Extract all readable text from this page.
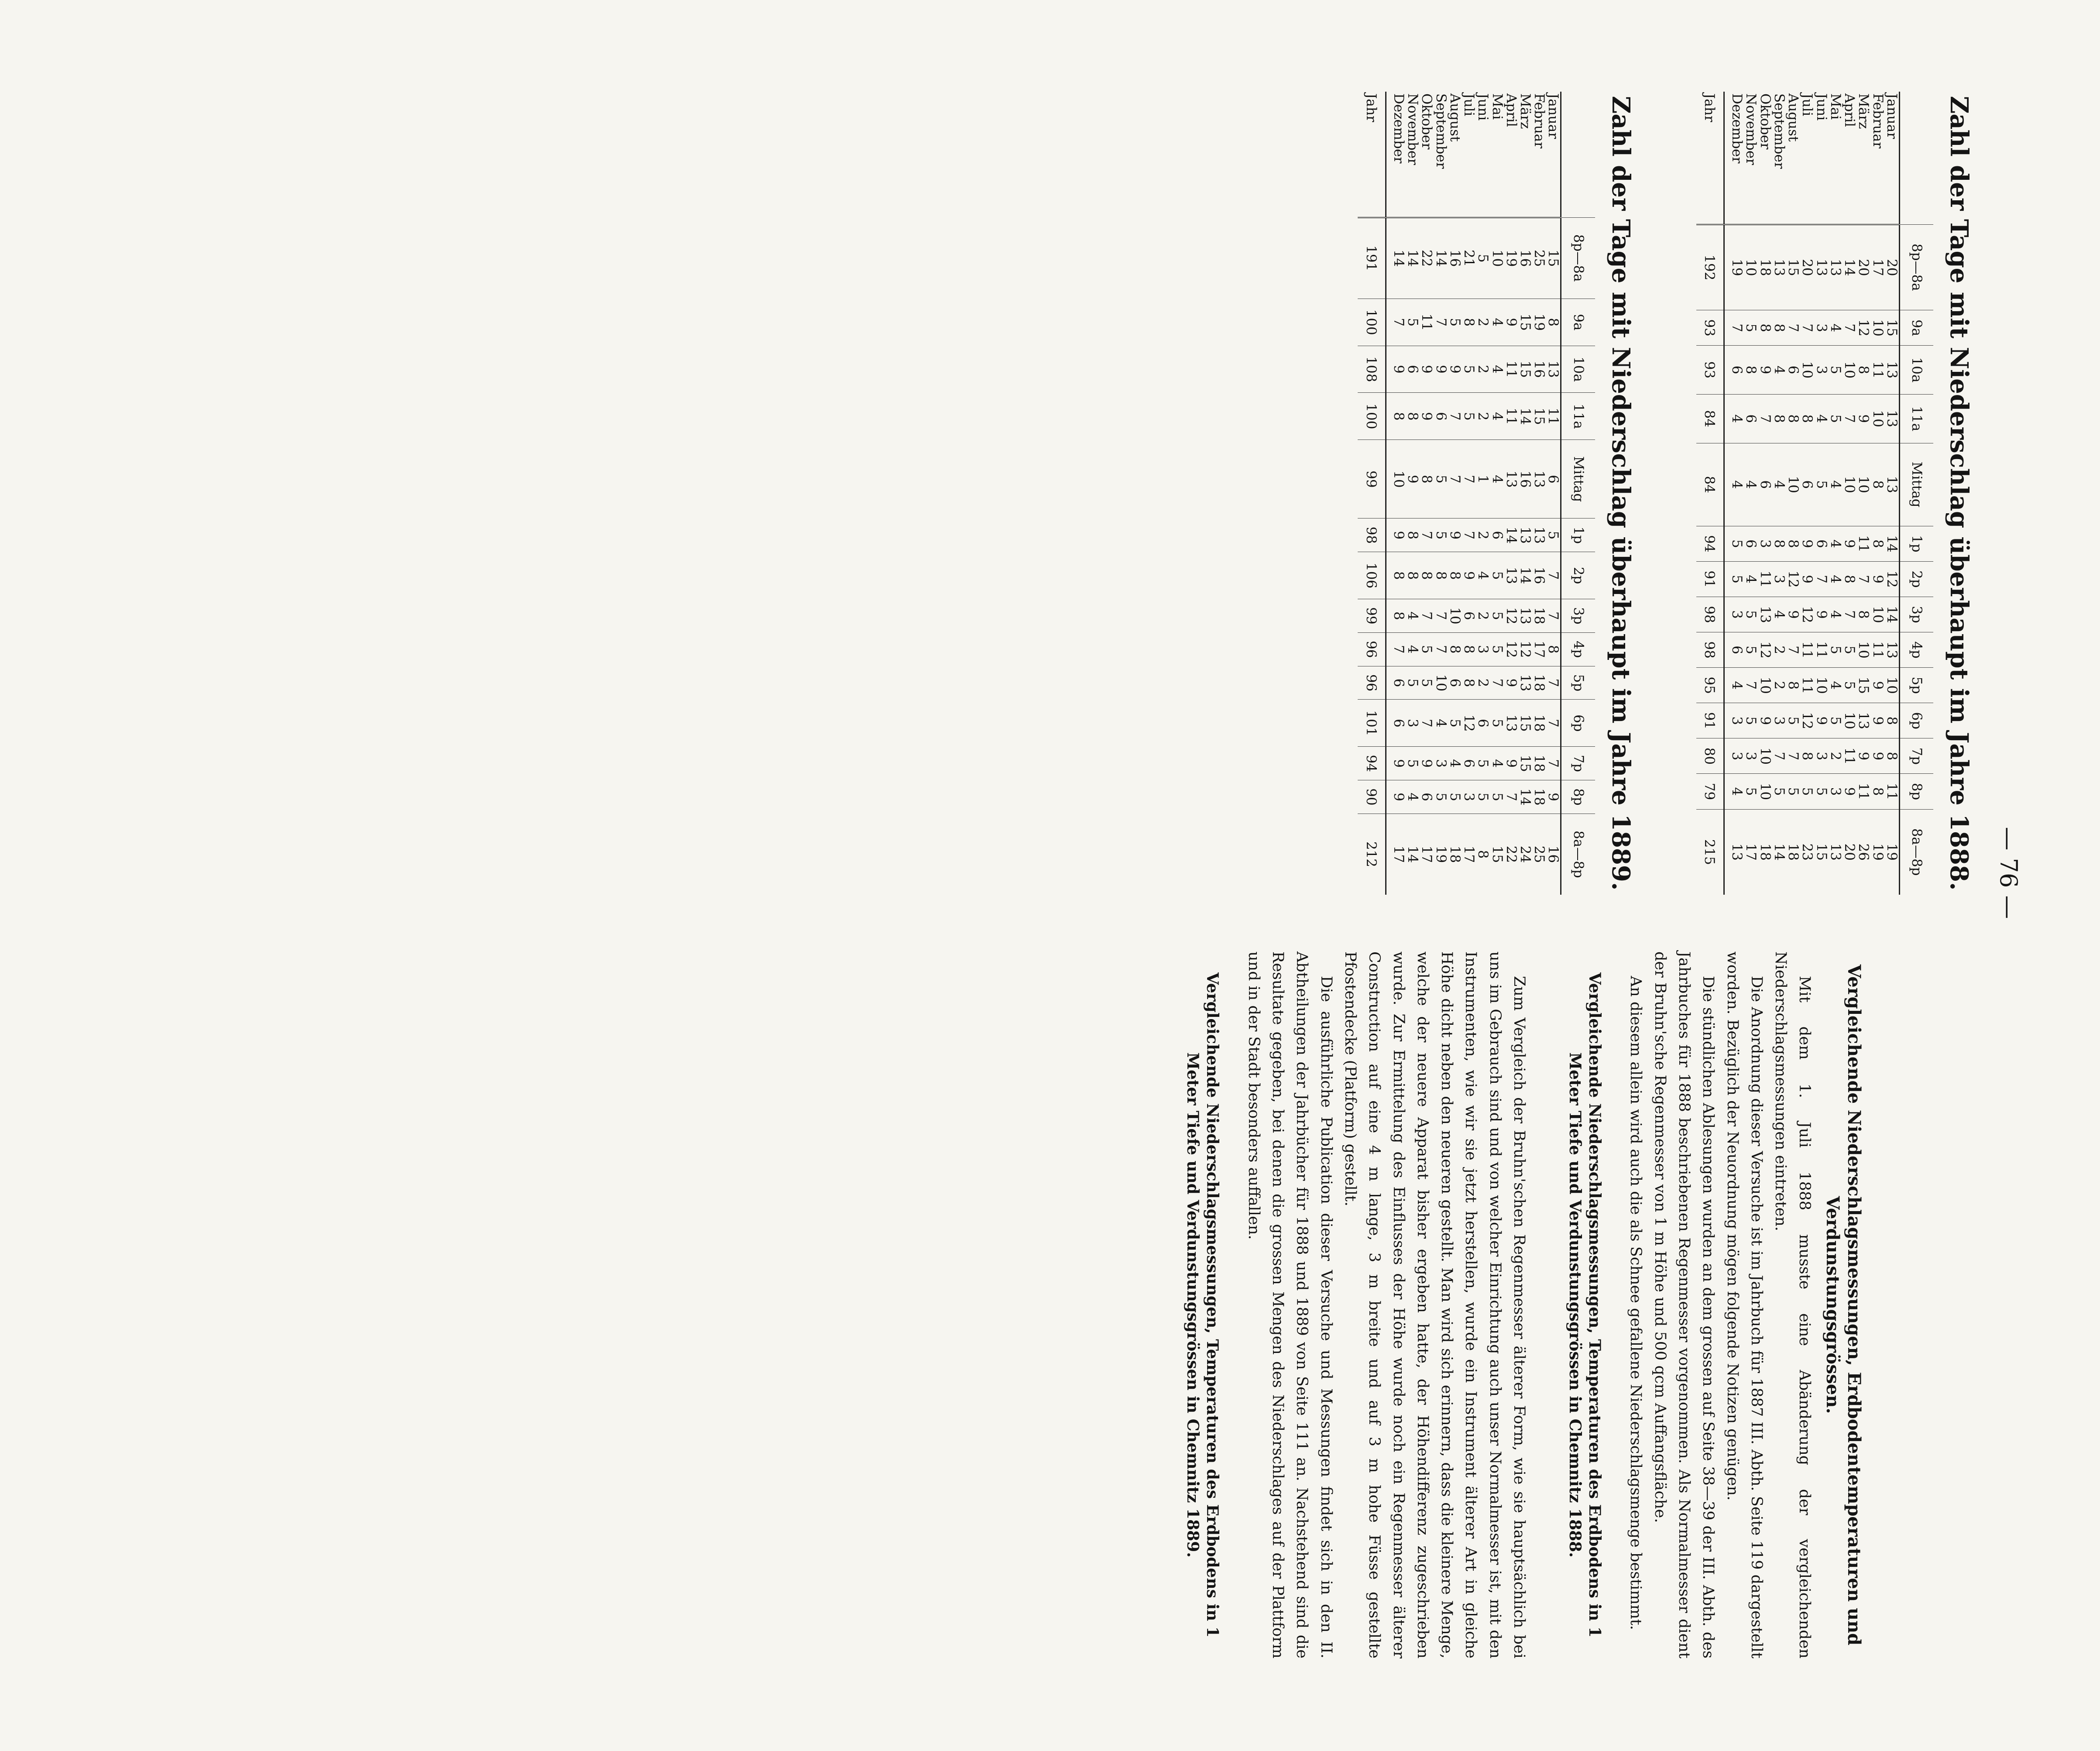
— 76 —
Zahl der Tage mit Niederschlag überhaupt im Jahre 1888.
	8p—8a	9a	10a	11a	Mittag	1p	2p	3p	4p	5p	6p	7p	8p	8a—8p
Januar	20	15	13	13	13	14	12	14	13	10	8	8	11	19
Februar	17	10	11	10	8	8	9	10	11	9	9	9	8	19
März	20	12	8	9	10	11	7	8	10	15	13	9	11	26
April	14	7	10	7	10	9	8	7	5	5	10	11	9	20
Mai	13	4	5	5	4	4	4	4	5	4	5	2	3	13
Juni	13	3	3	4	5	6	7	9	11	10	9	3	5	15
Juli	20	7	10	8	6	9	9	12	11	11	12	8	5	23
August	15	7	6	8	10	8	12	9	7	8	5	7	5	18
September	13	8	4	8	4	8	3	4	2	2	3	7	5	14
Oktober	18	8	9	7	6	3	11	13	12	10	9	10	10	18
November	10	5	8	6	4	6	4	5	5	7	5	3	5	17
Dezember	19	7	6	4	4	5	5	3	6	4	3	3	4	13

Jahr	192	93	93	84	84	94	91	98	98	95	91	80	79	215
Zahl der Tage mit Niederschlag überhaupt im Jahre 1889.
	8p—8a	9a	10a	11a	Mittag	1p	2p	3p	4p	5p	6p	7p	8p	8a—8p
Januar	15	8	13	11	6	5	7	7	8	7	7	7	9	16
Februar	25	19	16	15	13	13	16	18	17	18	18	18	18	25
März	16	15	15	14	16	13	14	13	12	13	15	15	14	24
April	19	9	11	11	13	14	13	12	12	9	13	9	7	22
Mai	10	4	4	4	4	6	5	5	5	7	5	4	5	15
Juni	5	2	2	2	1	2	4	2	3	2	6	5	5	8
Juli	21	8	5	5	7	7	9	6	8	8	12	6	3	17
August	16	5	9	7	7	9	8	10	8	6	5	4	5	18
September	14	7	9	6	5	5	8	7	7	10	4	3	5	19
Oktober	22	11	9	9	8	7	8	7	5	5	7	9	6	17
November	14	5	6	8	9	8	8	4	4	5	3	5	4	14
Dezember	14	7	9	8	10	9	8	8	7	6	6	9	9	17

Jahr	191	100	108	100	99	98	106	99	96	96	101	94	90	212
Vergleichende Niederschlagsmessungen, Erdbodentemperaturen und Verdunstungsgrössen.

Mit dem 1. Juli 1888 musste eine Abänderung der vergleichenden Niederschlagsmessungen eintreten.

Die Anordnung dieser Versuche ist im Jahrbuch für 1887 III. Abth. Seite 119 dargestellt worden. Bezüglich der Neuordnung mögen folgende Notizen genügen.

Die stündlichen Ablesungen wurden an dem grossen auf Seite 38—39 der III. Abth. des Jahrbuches für 1888 beschriebenen Regenmesser vorgenommen. Als Normalmesser dient der Bruhn'sche Regenmesser von 1 m Höhe und 500 qcm Auffangsfläche.

An diesem allein wird auch die als Schnee gefallene Niederschlagsmenge bestimmt.

Vergleichende Niederschlagsmessungen, Temperaturen des Erdbodens in 1 Meter Tiefe und Verdunstungsgrössen in Chemnitz 1888.

Zum Vergleich der Bruhn'schen Regenmesser älterer Form, wie sie hauptsächlich bei uns im Gebrauch sind und von welcher Einrichtung auch unser Normalmesser ist, mit den Instrumenten, wie wir sie jetzt herstellen, wurde ein Instrument älterer Art in gleiche Höhe dicht neben den neueren gestellt. Man wird sich erinnern, dass die kleinere Menge, welche der neuere Apparat bisher ergeben hatte, der Höhendifferenz zugeschrieben wurde. Zur Ermittelung des Einflusses der Höhe wurde noch ein Regenmesser älterer Construction auf eine 4 m lange, 3 m breite und auf 3 m hohe Füsse gestellte Pfostendecke (Platform) gestellt.

Die ausführliche Publication dieser Versuche und Messungen findet sich in den II. Abtheilungen der Jahrbücher für 1888 und 1889 von Seite 111 an. Nachstehend sind die Resultate gegeben, bei denen die grossen Mengen des Niederschlages auf der Plattform und in der Stadt besonders auffallen.

Vergleichende Niederschlagsmessungen, Temperaturen des Erdbodens in 1 Meter Tiefe und Verdunstungsgrössen in Chemnitz 1889.
